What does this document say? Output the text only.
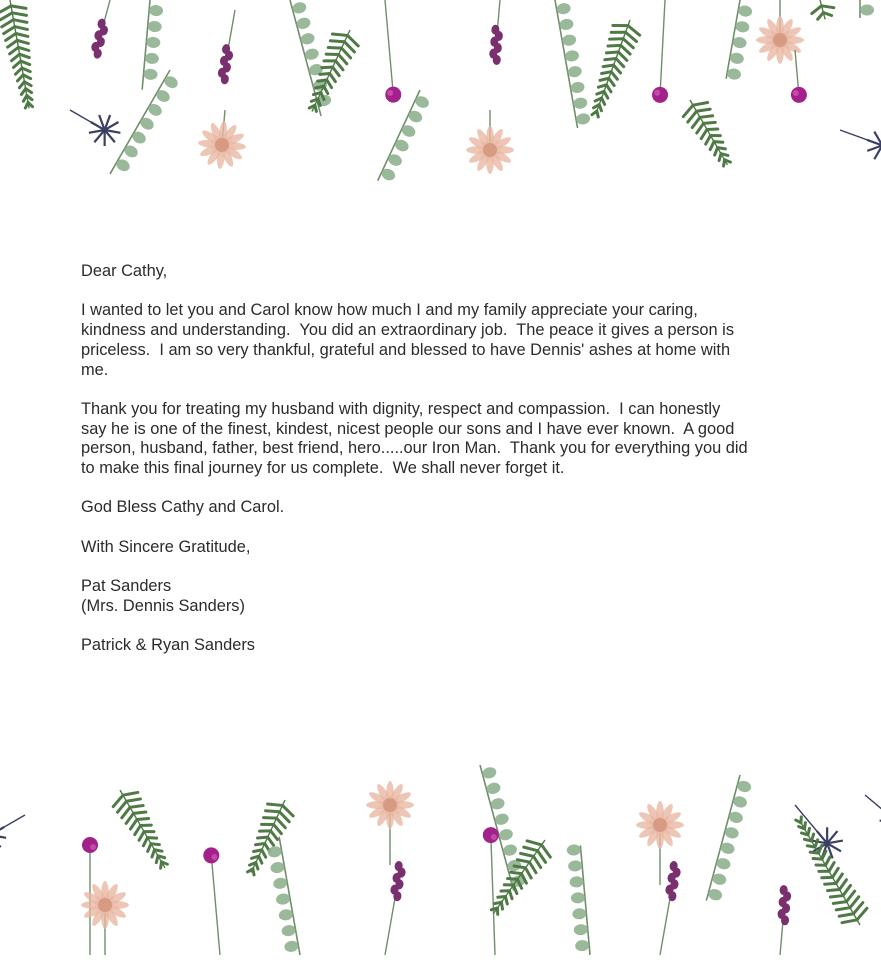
Dear Cathy,

I wanted to let you and Carol know how much I and my family appreciate your caring,
kindness and understanding.  You did an extraordinary job.  The peace it gives a person is
priceless.  I am so very thankful, grateful and blessed to have Dennis' ashes at home with
me.

Thank you for treating my husband with dignity, respect and compassion.  I can honestly
say he is one of the finest, kindest, nicest people our sons and I have ever known.  A good
person, husband, father, best friend, hero.....our Iron Man.  Thank you for everything you did
to make this final journey for us complete.  We shall never forget it.

God Bless Cathy and Carol.

With Sincere Gratitude,

Pat Sanders
(Mrs. Dennis Sanders)

Patrick & Ryan Sanders
